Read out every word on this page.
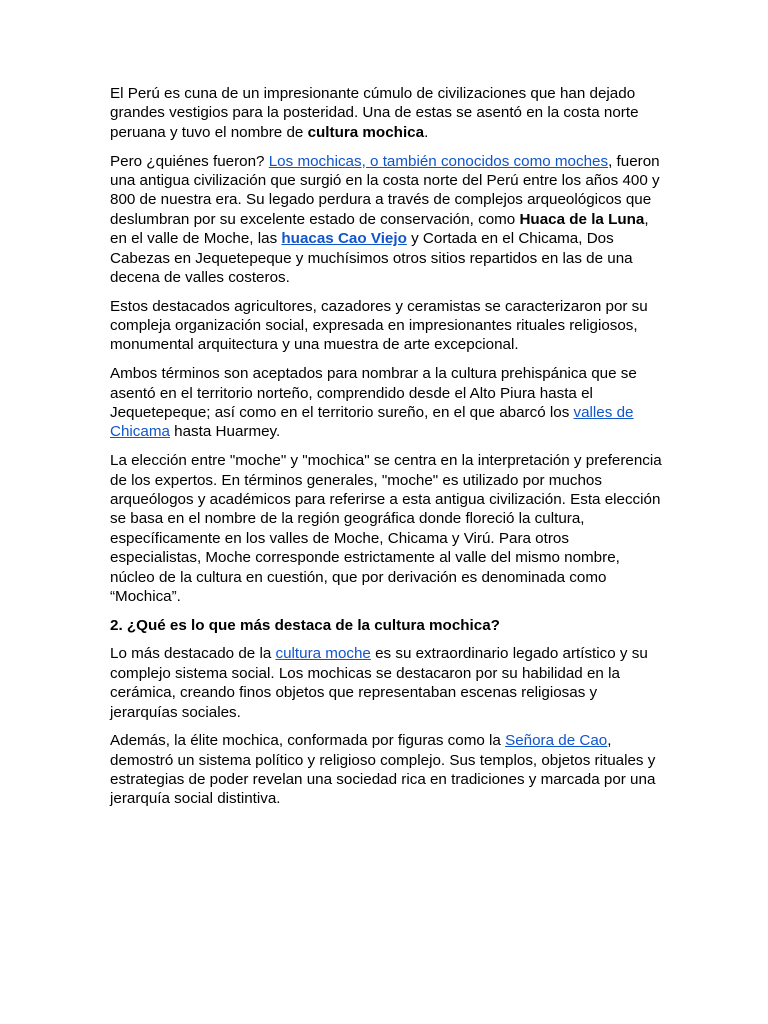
El Perú es cuna de un impresionante cúmulo de civilizaciones que han dejado grandes vestigios para la posteridad. Una de estas se asentó en la costa norte peruana y tuvo el nombre de cultura mochica.

Pero ¿quiénes fueron? Los mochicas, o también conocidos como moches, fueron una antigua civilización que surgió en la costa norte del Perú entre los años 400 y 800 de nuestra era. Su legado perdura a través de complejos arqueológicos que deslumbran por su excelente estado de conservación, como Huaca de la Luna, en el valle de Moche, las huacas Cao Viejo y Cortada en el Chicama, Dos Cabezas en Jequetepeque y muchísimos otros sitios repartidos en las de una decena de valles costeros.

Estos destacados agricultores, cazadores y ceramistas se caracterizaron por su compleja organización social, expresada en impresionantes rituales religiosos, monumental arquitectura y una muestra de arte excepcional.

Ambos términos son aceptados para nombrar a la cultura prehispánica que se asentó en el territorio norteño, comprendido desde el Alto Piura hasta el Jequetepeque; así como en el territorio sureño, en el que abarcó los valles de Chicama hasta Huarmey.

La elección entre "moche" y "mochica" se centra en la interpretación y preferencia de los expertos. En términos generales, "moche" es utilizado por muchos arqueólogos y académicos para referirse a esta antigua civilización. Esta elección se basa en el nombre de la región geográfica donde floreció la cultura, específicamente en los valles de Moche, Chicama y Virú. Para otros especialistas, Moche corresponde estrictamente al valle del mismo nombre, núcleo de la cultura en cuestión, que por derivación es denominada como “Mochica”.

2. ¿Qué es lo que más destaca de la cultura mochica?

Lo más destacado de la cultura moche es su extraordinario legado artístico y su complejo sistema social. Los mochicas se destacaron por su habilidad en la cerámica, creando finos objetos que representaban escenas religiosas y jerarquías sociales.

Además, la élite mochica, conformada por figuras como la Señora de Cao, demostró un sistema político y religioso complejo. Sus templos, objetos rituales y estrategias de poder revelan una sociedad rica en tradiciones y marcada por una jerarquía social distintiva.
